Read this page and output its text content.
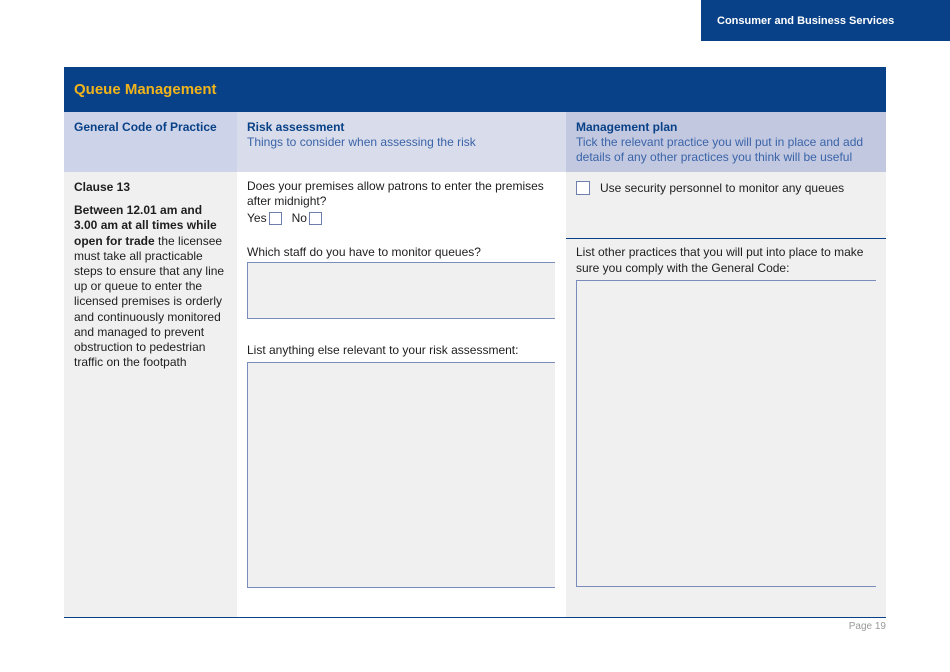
Consumer and Business Services
Queue Management
General Code of Practice	Risk assessment
Things to consider when assessing the risk
Management plan
Tick the relevant practice you will put in place and add details of any other practices you think will be useful
Clause 13
Between 12.01 am and 3.00 am at all times while open for trade the licensee must take all practicable steps to ensure that any line up or queue to enter the licensed premises is orderly and continuously monitored and managed to prevent obstruction to pedestrian traffic on the footpath
Does your premises allow patrons to enter the premises after midnight?
Yes No
Which staff do you have to monitor queues?
List anything else relevant to your risk assessment:
Use security personnel to monitor any queues
List other practices that you will put into place to make sure you comply with the General Code:
Page 19
